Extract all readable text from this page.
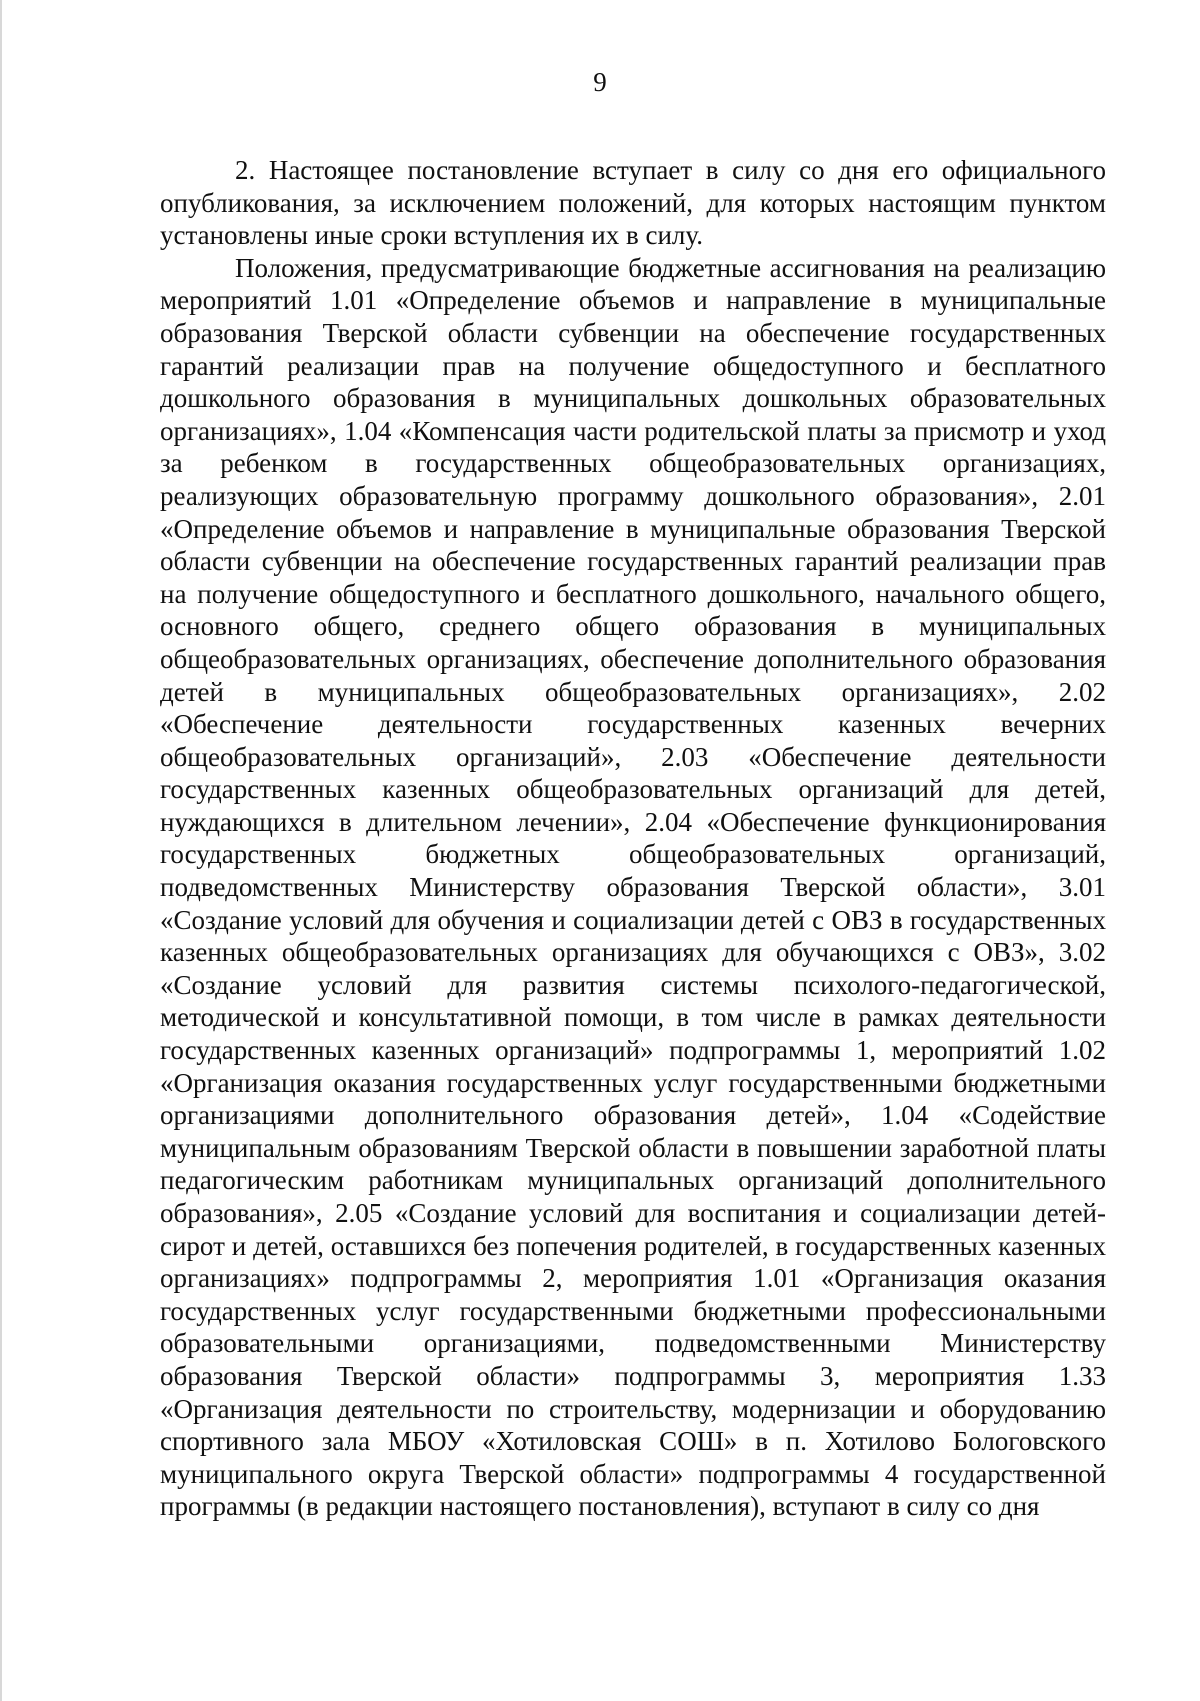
9

2. Настоящее постановление вступает в силу со дня его официального опубликования, за исключением положений, для которых настоящим пунктом установлены иные сроки вступления их в силу.

Положения, предусматривающие бюджетные ассигнования на реализацию мероприятий 1.01 «Определение объемов и направление в муниципальные образования Тверской области субвенции на обеспечение государственных гарантий реализации прав на получение общедоступного и бесплатного дошкольного образования в муниципальных дошкольных образовательных организациях», 1.04 «Компенсация части родительской платы за присмотр и уход за ребенком в государственных общеобразовательных организациях, реализующих образовательную программу дошкольного образования», 2.01 «Определение объемов и направление в муниципальные образования Тверской области субвенции на обеспечение государственных гарантий реализации прав на получение общедоступного и бесплатного дошкольного, начального общего, основного общего, среднего общего образования в муниципальных общеобразовательных организациях, обеспечение дополнительного образования детей в муниципальных общеобразовательных организациях», 2.02 «Обеспечение деятельности государственных казенных вечерних общеобразовательных организаций», 2.03 «Обеспечение деятельности государственных казенных общеобразовательных организаций для детей, нуждающихся в длительном лечении», 2.04 «Обеспечение функционирования государственных бюджетных общеобразовательных организаций, подведомственных Министерству образования Тверской области», 3.01 «Создание условий для обучения и социализации детей с ОВЗ в государственных казенных общеобразовательных организациях для обучающихся с ОВЗ», 3.02 «Создание условий для развития системы психолого-педагогической, методической и консультативной помощи, в том числе в рамках деятельности государственных казенных организаций» подпрограммы 1, мероприятий 1.02 «Организация оказания государственных услуг государственными бюджетными организациями дополнительного образования детей», 1.04 «Содействие муниципальным образованиям Тверской области в повышении заработной платы педагогическим работникам муниципальных организаций дополнительного образования», 2.05 «Создание условий для воспитания и социализации детей-сирот и детей, оставшихся без попечения родителей, в государственных казенных организациях» подпрограммы 2, мероприятия 1.01 «Организация оказания государственных услуг государственными бюджетными профессиональными образовательными организациями, подведомственными Министерству образования Тверской области» подпрограммы 3, мероприятия 1.33 «Организация деятельности по строительству, модернизации и оборудованию спортивного зала МБОУ «Хотиловская СОШ» в п. Хотилово Бологовского муниципального округа Тверской области» подпрограммы 4 государственной программы (в редакции настоящего постановления), вступают в силу со дня
